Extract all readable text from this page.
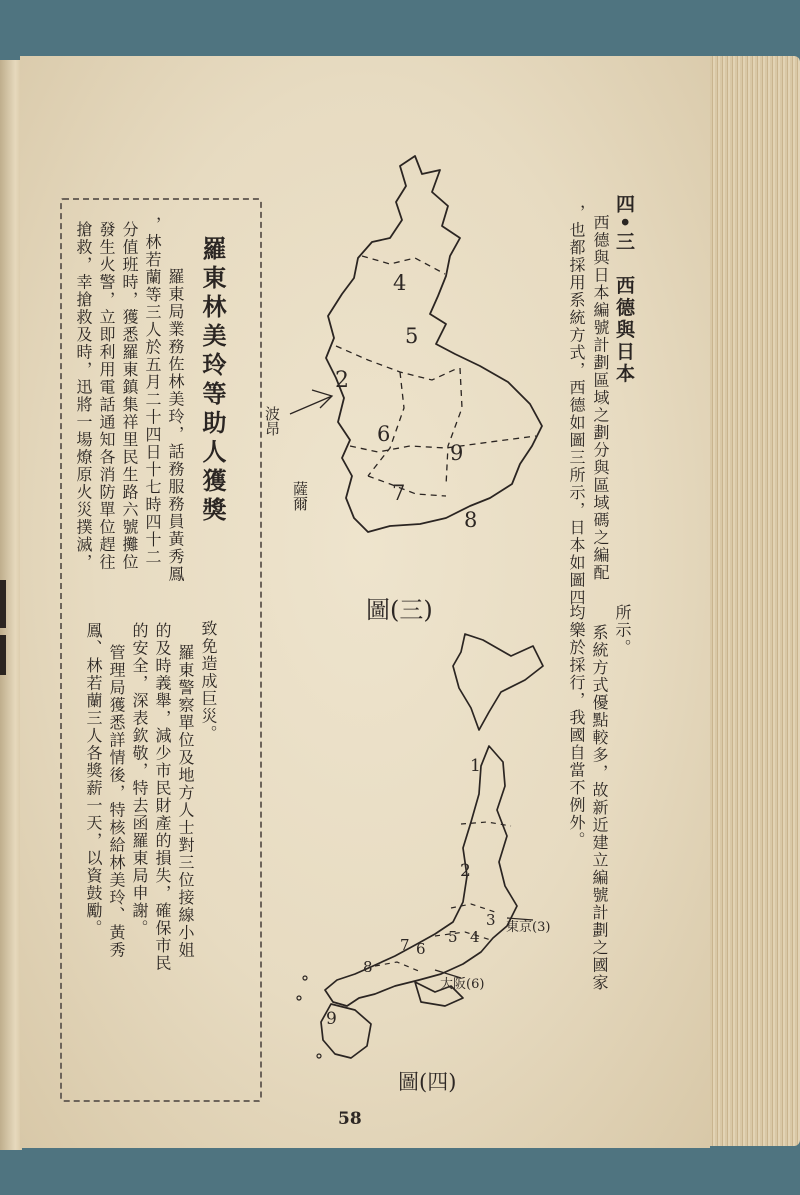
四•三　西德與日本
西德與日本編號計劃區域之劃分與區域碼之編配
，也都採用系統方式，西德如圖三所示，日本如圖四
所示。
系統方式優點較多，故新近建立編號計劃之國家
均樂於採行，我國自當不例外。
4
5
2
6
9
7
8
波昂
薩爾
圖(三)
1
2
3
4
5
6
7
8
9
東京(3)
大阪(6)
圖(四)
羅東林美玲等助人獲獎
羅東局業務佐林美玲，話務服務員黃秀鳳
，林若蘭等三人於五月二十四日十七時四十二
分值班時，獲悉羅東鎮集祥里民生路六號攤位
發生火警，立即利用電話通知各消防單位趕往
搶救，幸搶救及時，迅將一場燎原火災撲滅，
致免造成巨災。
羅東警察單位及地方人士對三位接線小姐
的及時義舉，減少市民財產的損失，確保市民
的安全，深表欽敬，特去函羅東局申謝。
管理局獲悉詳情後，特核給林美玲、黃秀
鳳、林若蘭三人各獎薪一天，以資鼓勵。
58
